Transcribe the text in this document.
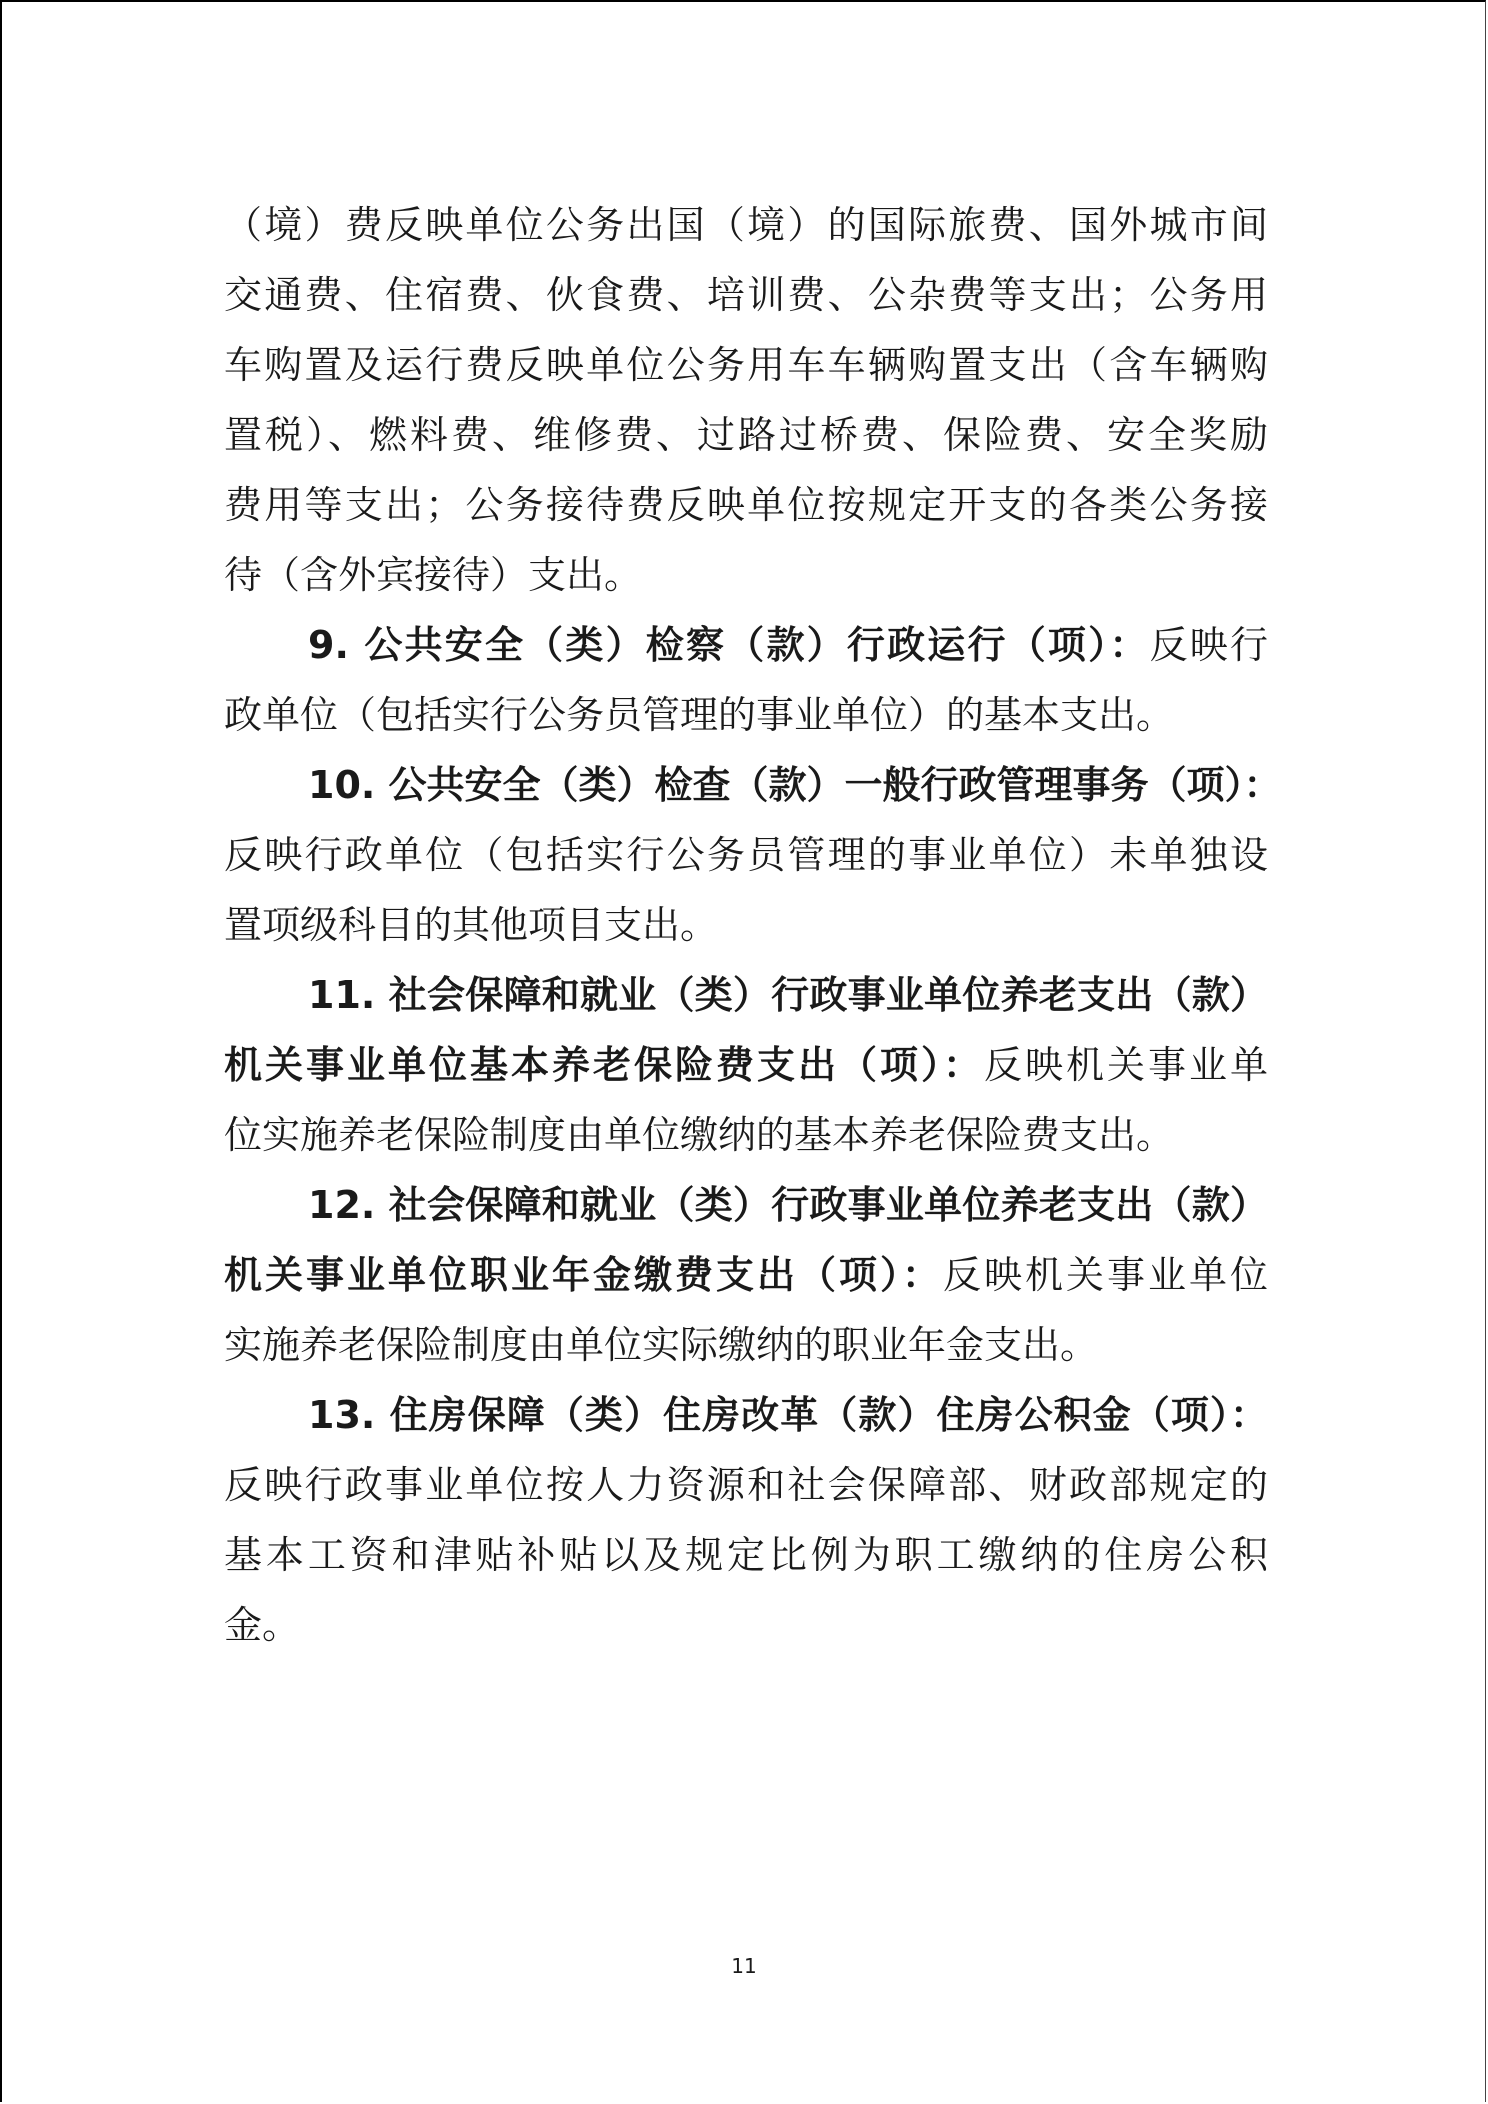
（境）费反映单位公务出国（境）的国际旅费、国外城市间
交通费、住宿费、伙食费、培训费、公杂费等支出；公务用
车购置及运行费反映单位公务用车车辆购置支出（含车辆购
置税）、燃料费、维修费、过路过桥费、保险费、安全奖励
费用等支出；公务接待费反映单位按规定开支的各类公务接
待（含外宾接待）支出。
9. 公共安全（类）检察（款）行政运行（项）：反映行
政单位（包括实行公务员管理的事业单位）的基本支出。
10. 公共安全（类）检查（款）一般行政管理事务（项）：
反映行政单位（包括实行公务员管理的事业单位）未单独设
置项级科目的其他项目支出。
11. 社会保障和就业（类）行政事业单位养老支出（款）
机关事业单位基本养老保险费支出（项）：反映机关事业单
位实施养老保险制度由单位缴纳的基本养老保险费支出。
12. 社会保障和就业（类）行政事业单位养老支出（款）
机关事业单位职业年金缴费支出（项）：反映机关事业单位
实施养老保险制度由单位实际缴纳的职业年金支出。
13. 住房保障（类）住房改革（款）住房公积金（项）：
反映行政事业单位按人力资源和社会保障部、财政部规定的
基本工资和津贴补贴以及规定比例为职工缴纳的住房公积
金。
11
